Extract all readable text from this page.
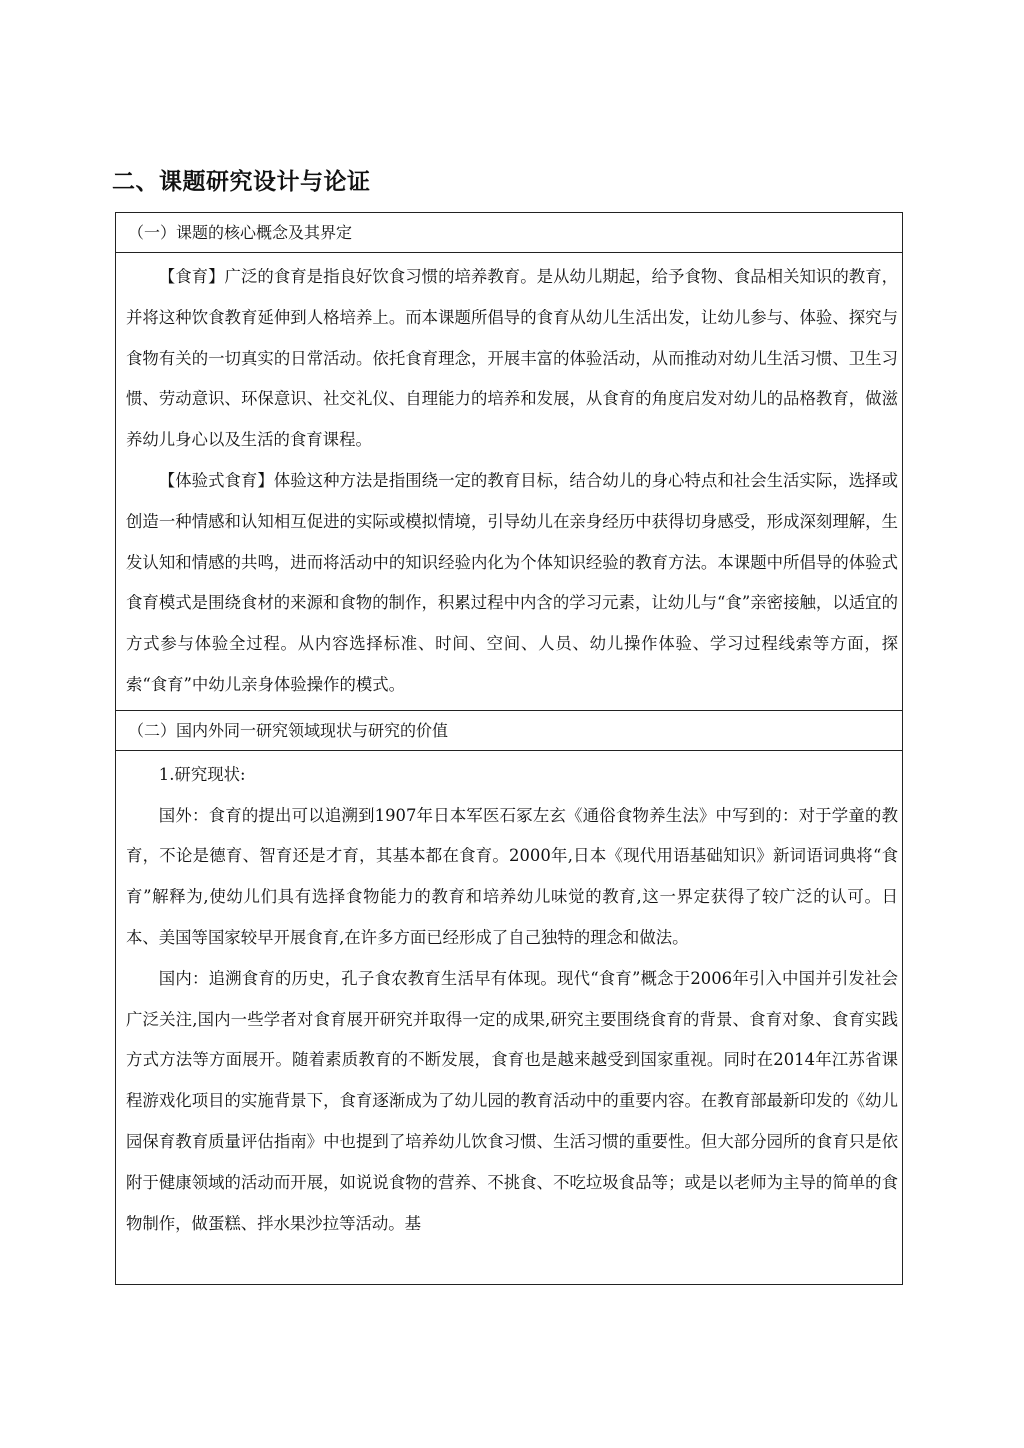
二、课题研究设计与论证
（一）课题的核心概念及其界定

【食育】广泛的食育是指良好饮食习惯的培养教育。是从幼儿期起，给予食物、食品相关知识的教育，并将这种饮食教育延伸到人格培养上。而本课题所倡导的食育从幼儿生活出发，让幼儿参与、体验、探究与食物有关的一切真实的日常活动。依托食育理念，开展丰富的体验活动，从而推动对幼儿生活习惯、卫生习惯、劳动意识、环保意识、社交礼仪、自理能力的培养和发展，从食育的角度启发对幼儿的品格教育，做滋养幼儿身心以及生活的食育课程。

【体验式食育】体验这种方法是指围绕一定的教育目标，结合幼儿的身心特点和社会生活实际，选择或创造一种情感和认知相互促进的实际或模拟情境，引导幼儿在亲身经历中获得切身感受，形成深刻理解，生发认知和情感的共鸣，进而将活动中的知识经验内化为个体知识经验的教育方法。本课题中所倡导的体验式食育模式是围绕食材的来源和食物的制作，积累过程中内含的学习元素，让幼儿与“食”亲密接触，以适宜的方式参与体验全过程。从内容选择标准、时间、空间、人员、幼儿操作体验、学习过程线索等方面，探索“食育”中幼儿亲身体验操作的模式。

（二）国内外同一研究领域现状与研究的价值

1.研究现状:

国外：食育的提出可以追溯到1907年日本军医石冢左玄《通俗食物养生法》中写到的：对于学童的教育，不论是德育、智育还是才育，其基本都在食育。2000年,日本《现代用语基础知识》新词语词典将“食育”解释为,使幼儿们具有选择食物能力的教育和培养幼儿味觉的教育,这一界定获得了较广泛的认可。日本、美国等国家较早开展食育,在许多方面已经形成了自己独特的理念和做法。

国内：追溯食育的历史，孔子食农教育生活早有体现。现代“食育”概念于2006年引入中国并引发社会广泛关注,国内一些学者对食育展开研究并取得一定的成果,研究主要围绕食育的背景、食育对象、食育实践方式方法等方面展开。随着素质教育的不断发展，食育也是越来越受到国家重视。同时在2014年江苏省课程游戏化项目的实施背景下，食育逐渐成为了幼儿园的教育活动中的重要内容。在教育部最新印发的《幼儿园保育教育质量评估指南》中也提到了培养幼儿饮食习惯、生活习惯的重要性。但大部分园所的食育只是依附于健康领域的活动而开展，如说说食物的营养、不挑食、不吃垃圾食品等；或是以老师为主导的简单的食物制作，做蛋糕、拌水果沙拉等活动。基
